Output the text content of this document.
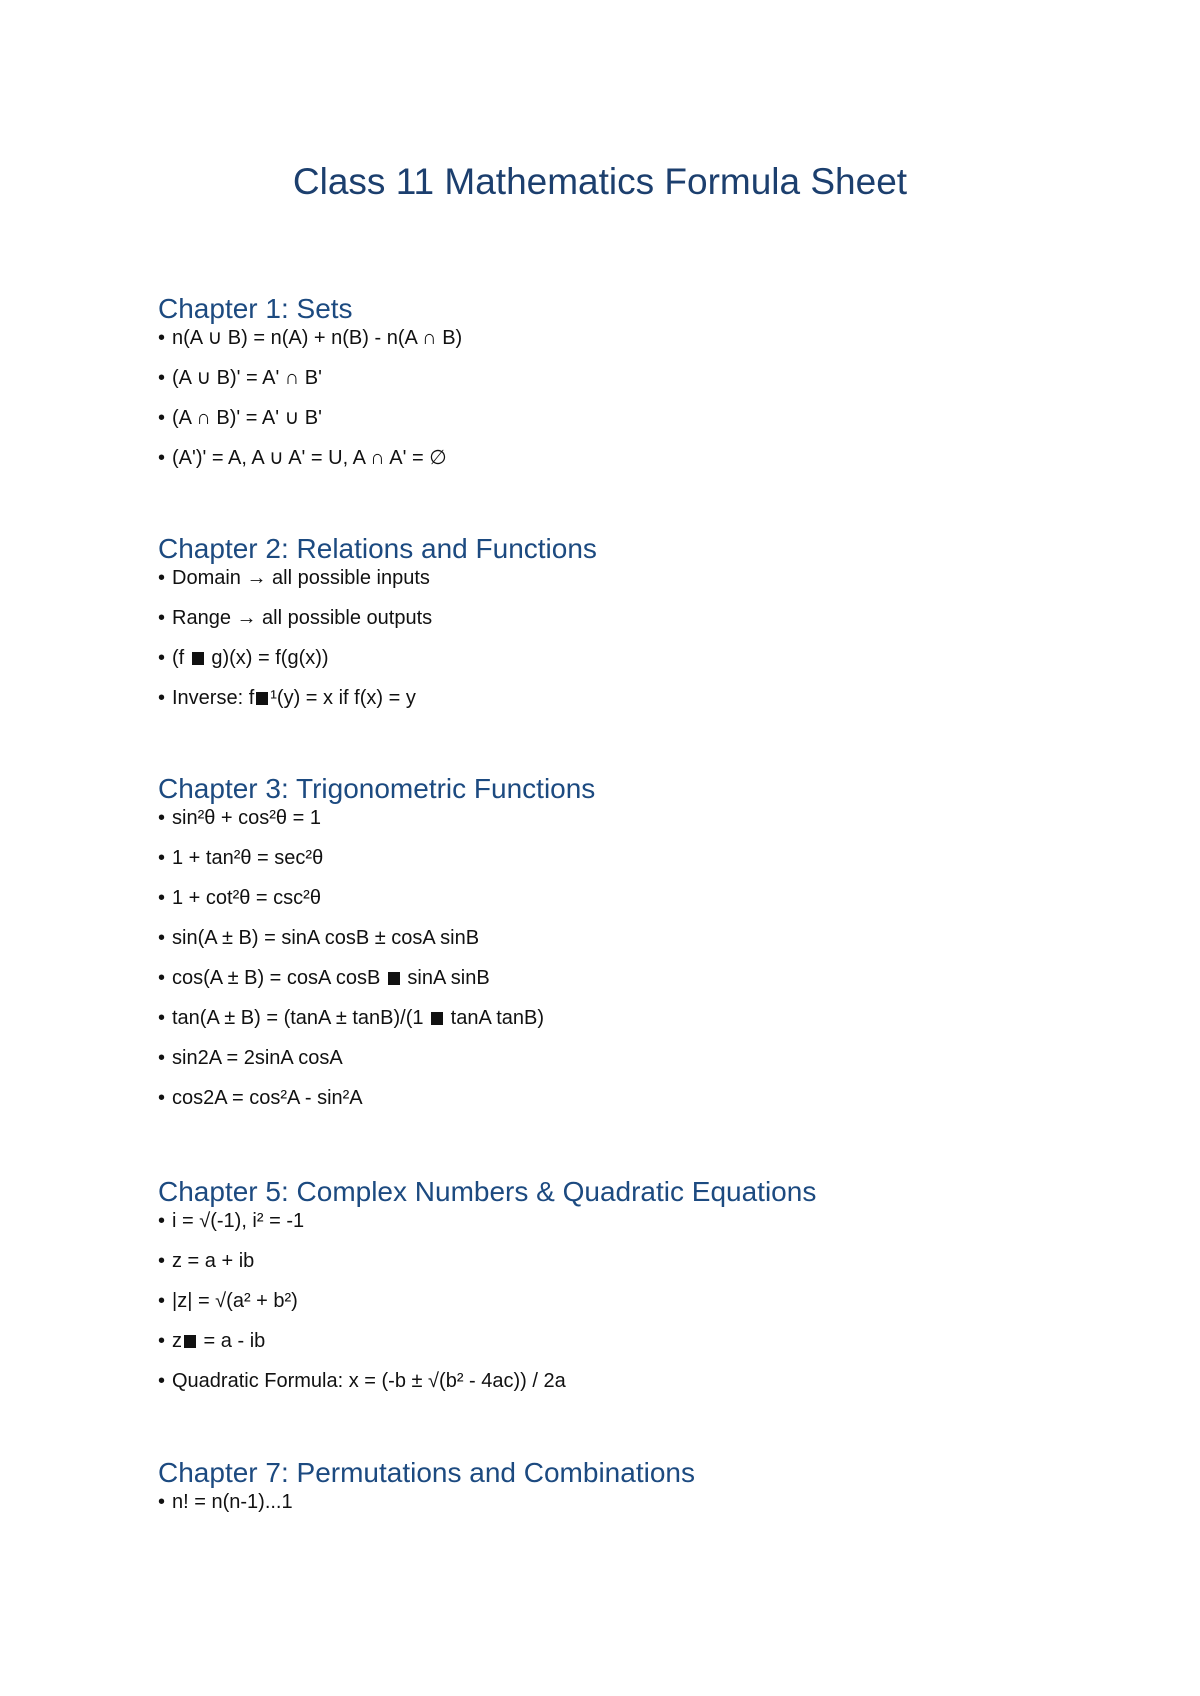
Class 11 Mathematics Formula Sheet
Chapter 1: Sets
• n(A ∪ B) = n(A) + n(B) - n(A ∩ B)
• (A ∪ B)' = A' ∩ B'
• (A ∩ B)' = A' ∪ B'
• (A')' = A, A ∪ A' = U, A ∩ A' = ∅
Chapter 2: Relations and Functions
• Domain → all possible inputs
• Range → all possible outputs
• (f  g)(x) = f(g(x))
• Inverse: f ¹(y) = x if f(x) = y
Chapter 3: Trigonometric Functions
• sin²θ + cos²θ = 1
• 1 + tan²θ = sec²θ
• 1 + cot²θ = csc²θ
• sin(A ± B) = sinA cosB ± cosA sinB
• cos(A ± B) = cosA cosB  sinA sinB
• tan(A ± B) = (tanA ± tanB)/(1  tanA tanB)
• sin2A = 2sinA cosA
• cos2A = cos²A - sin²A
Chapter 5: Complex Numbers & Quadratic Equations
• i = √(-1), i² = -1
• z = a + ib
• |z| = √(a² + b²)
• z = a - ib
• Quadratic Formula: x = (-b ± √(b² - 4ac)) / 2a
Chapter 7: Permutations and Combinations
• n! = n(n-1)...1
